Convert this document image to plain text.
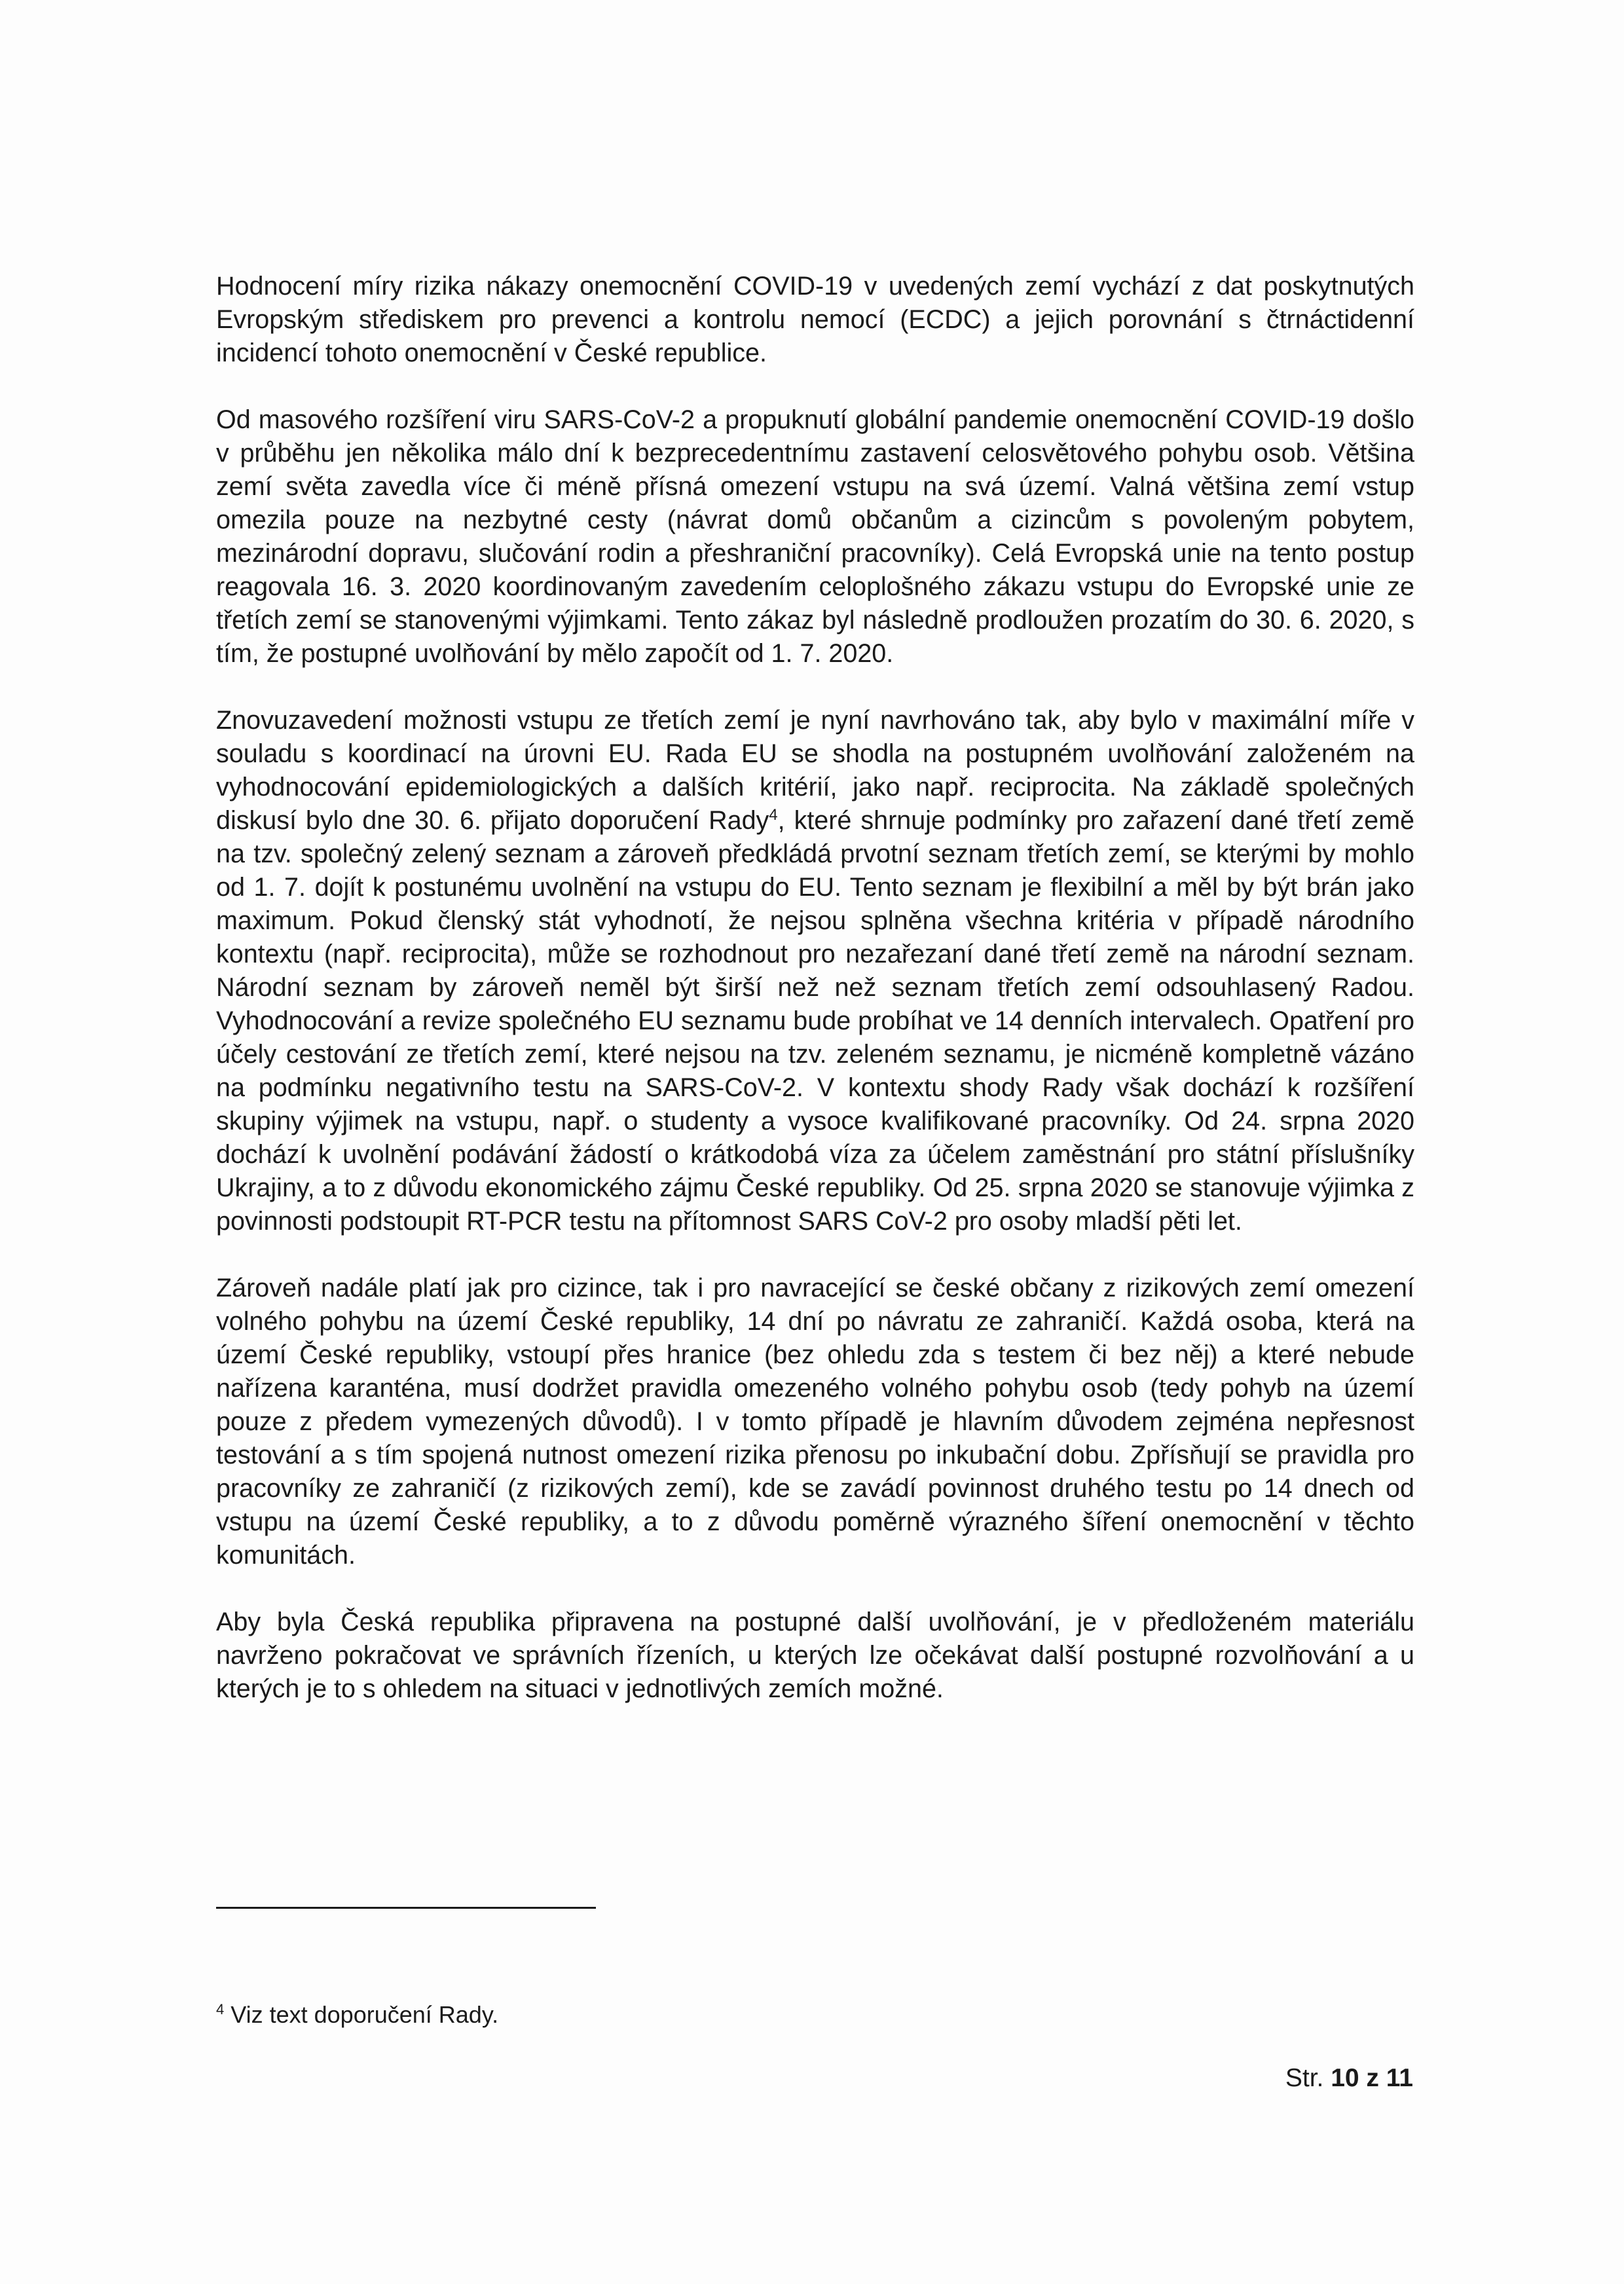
Hodnocení míry rizika nákazy onemocnění COVID-19 v uvedených zemí vychází z dat poskytnutých Evropským střediskem pro prevenci a kontrolu nemocí (ECDC) a jejich porovnání s čtrnáctidenní incidencí tohoto onemocnění v České republice.

Od masového rozšíření viru SARS-CoV-2 a propuknutí globální pandemie onemocnění COVID-19 došlo v průběhu jen několika málo dní k bezprecedentnímu zastavení celosvětového pohybu osob. Většina zemí světa zavedla více či méně přísná omezení vstupu na svá území. Valná většina zemí vstup omezila pouze na nezbytné cesty (návrat domů občanům a cizincům s povoleným pobytem, mezinárodní dopravu, slučování rodin a přeshraniční pracovníky). Celá Evropská unie na tento postup reagovala 16. 3. 2020 koordinovaným zavedením celoplošného zákazu vstupu do Evropské unie ze třetích zemí se stanovenými výjimkami. Tento zákaz byl následně prodloužen prozatím do 30. 6. 2020, s tím, že postupné uvolňování by mělo započít od 1. 7. 2020.

Znovuzavedení možnosti vstupu ze třetích zemí je nyní navrhováno tak, aby bylo v maximální míře v souladu s koordinací na úrovni EU. Rada EU se shodla na postupném uvolňování založeném na vyhodnocování epidemiologických a dalších kritérií, jako např. reciprocita. Na základě společných diskusí bylo dne 30. 6. přijato doporučení Rady$^4$, které shrnuje podmínky pro zařazení dané třetí země na tzv. společný zelený seznam a zároveň předkládá prvotní seznam třetích zemí, se kterými by mohlo od 1. 7. dojít k postunému uvolnění na vstupu do EU. Tento seznam je flexibilní a měl by být brán jako maximum. Pokud členský stát vyhodnotí, že nejsou splněna všechna kritéria v případě národního kontextu (např. reciprocita), může se rozhodnout pro nezařezaní dané třetí země na národní seznam. Národní seznam by zároveň neměl být širší než než seznam třetích zemí odsouhlasený Radou. Vyhodnocování a revize společného EU seznamu bude probíhat ve 14 denních intervalech. Opatření pro účely cestování ze třetích zemí, které nejsou na tzv. zeleném seznamu, je nicméně kompletně vázáno na podmínku negativního testu na SARS-CoV-2. V kontextu shody Rady však dochází k rozšíření skupiny výjimek na vstupu, např. o studenty a vysoce kvalifikované pracovníky. Od 24. srpna 2020 dochází k uvolnění podávání žádostí o krátkodobá víza za účelem zaměstnání pro státní příslušníky Ukrajiny, a to z důvodu ekonomického zájmu České republiky. Od 25. srpna 2020 se stanovuje výjimka z povinnosti podstoupit RT-PCR testu na přítomnost SARS CoV-2 pro osoby mladší pěti let.

Zároveň nadále platí jak pro cizince, tak i pro navracející se české občany z rizikových zemí omezení volného pohybu na území České republiky, 14 dní po návratu ze zahraničí. Každá osoba, která na území České republiky, vstoupí přes hranice (bez ohledu zda s testem či bez něj) a které nebude nařízena karanténa, musí dodržet pravidla omezeného volného pohybu osob (tedy pohyb na území pouze z předem vymezených důvodů). I v tomto případě je hlavním důvodem zejména nepřesnost testování a s tím spojená nutnost omezení rizika přenosu po inkubační dobu. Zpřísňují se pravidla pro pracovníky ze zahraničí (z rizikových zemí), kde se zavádí povinnost druhého testu po 14 dnech od vstupu na území České republiky, a to z důvodu poměrně výrazného šíření onemocnění v těchto komunitách.

Aby byla Česká republika připravena na postupné další uvolňování, je v předloženém materiálu navrženo pokračovat ve správních řízeních, u kterých lze očekávat další postupné rozvolňování a u kterých je to s ohledem na situaci v jednotlivých zemích možné.

$^4$ Viz text doporučení Rady.
Str. 10 z 11
